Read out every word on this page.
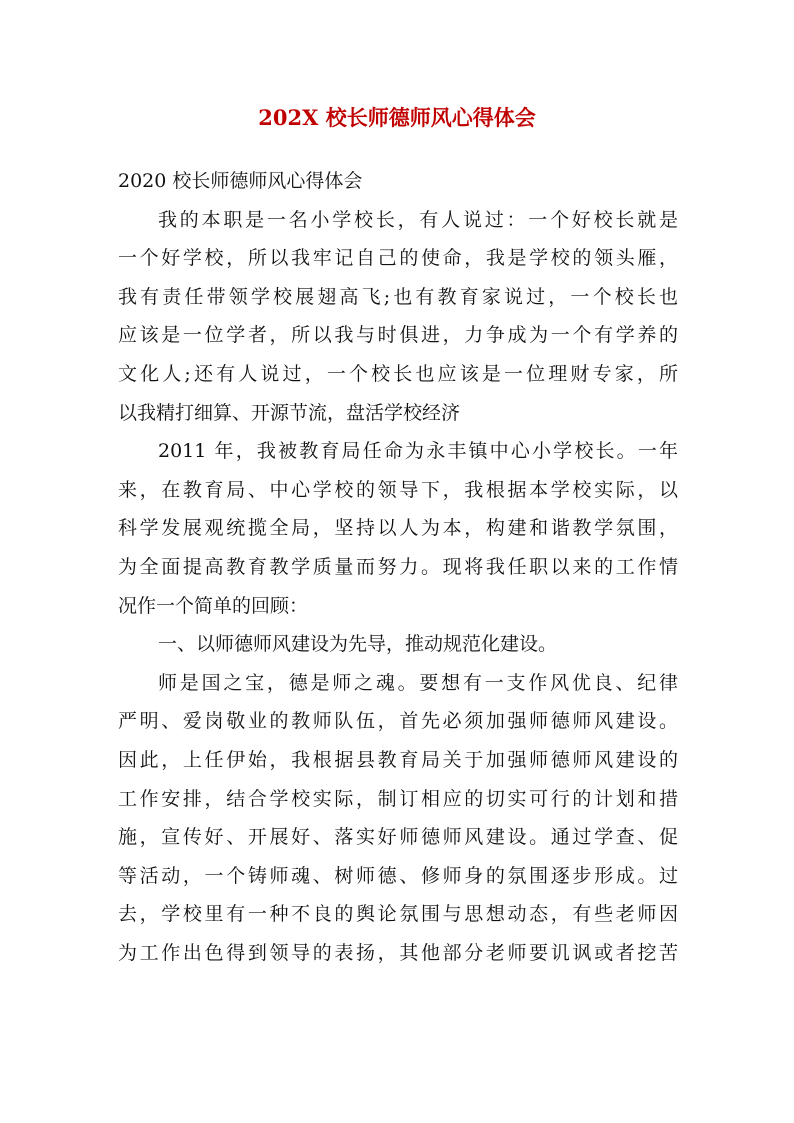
202X 校长师德师风心得体会
2020 校长师德师风心得体会
我的本职是一名小学校长，有人说过：一个好校长就是
一个好学校，所以我牢记自己的使命，我是学校的领头雁，
我有责任带领学校展翅高飞;也有教育家说过，一个校长也
应该是一位学者，所以我与时俱进，力争成为一个有学养的
文化人;还有人说过，一个校长也应该是一位理财专家，所
以我精打细算、开源节流，盘活学校经济
2011 年，我被教育局任命为永丰镇中心小学校长。一年
来，在教育局、中心学校的领导下，我根据本学校实际，以
科学发展观统揽全局，坚持以人为本，构建和谐教学氛围，
为全面提高教育教学质量而努力。现将我任职以来的工作情
况作一个简单的回顾：
一、以师德师风建设为先导，推动规范化建设。
师是国之宝，德是师之魂。要想有一支作风优良、纪律
严明、爱岗敬业的教师队伍，首先必须加强师德师风建设。
因此，上任伊始，我根据县教育局关于加强师德师风建设的
工作安排，结合学校实际，制订相应的切实可行的计划和措
施，宣传好、开展好、落实好师德师风建设。通过学查、促
等活动，一个铸师魂、树师德、修师身的氛围逐步形成。过
去，学校里有一种不良的舆论氛围与思想动态，有些老师因
为工作出色得到领导的表扬，其他部分老师要讥讽或者挖苦
